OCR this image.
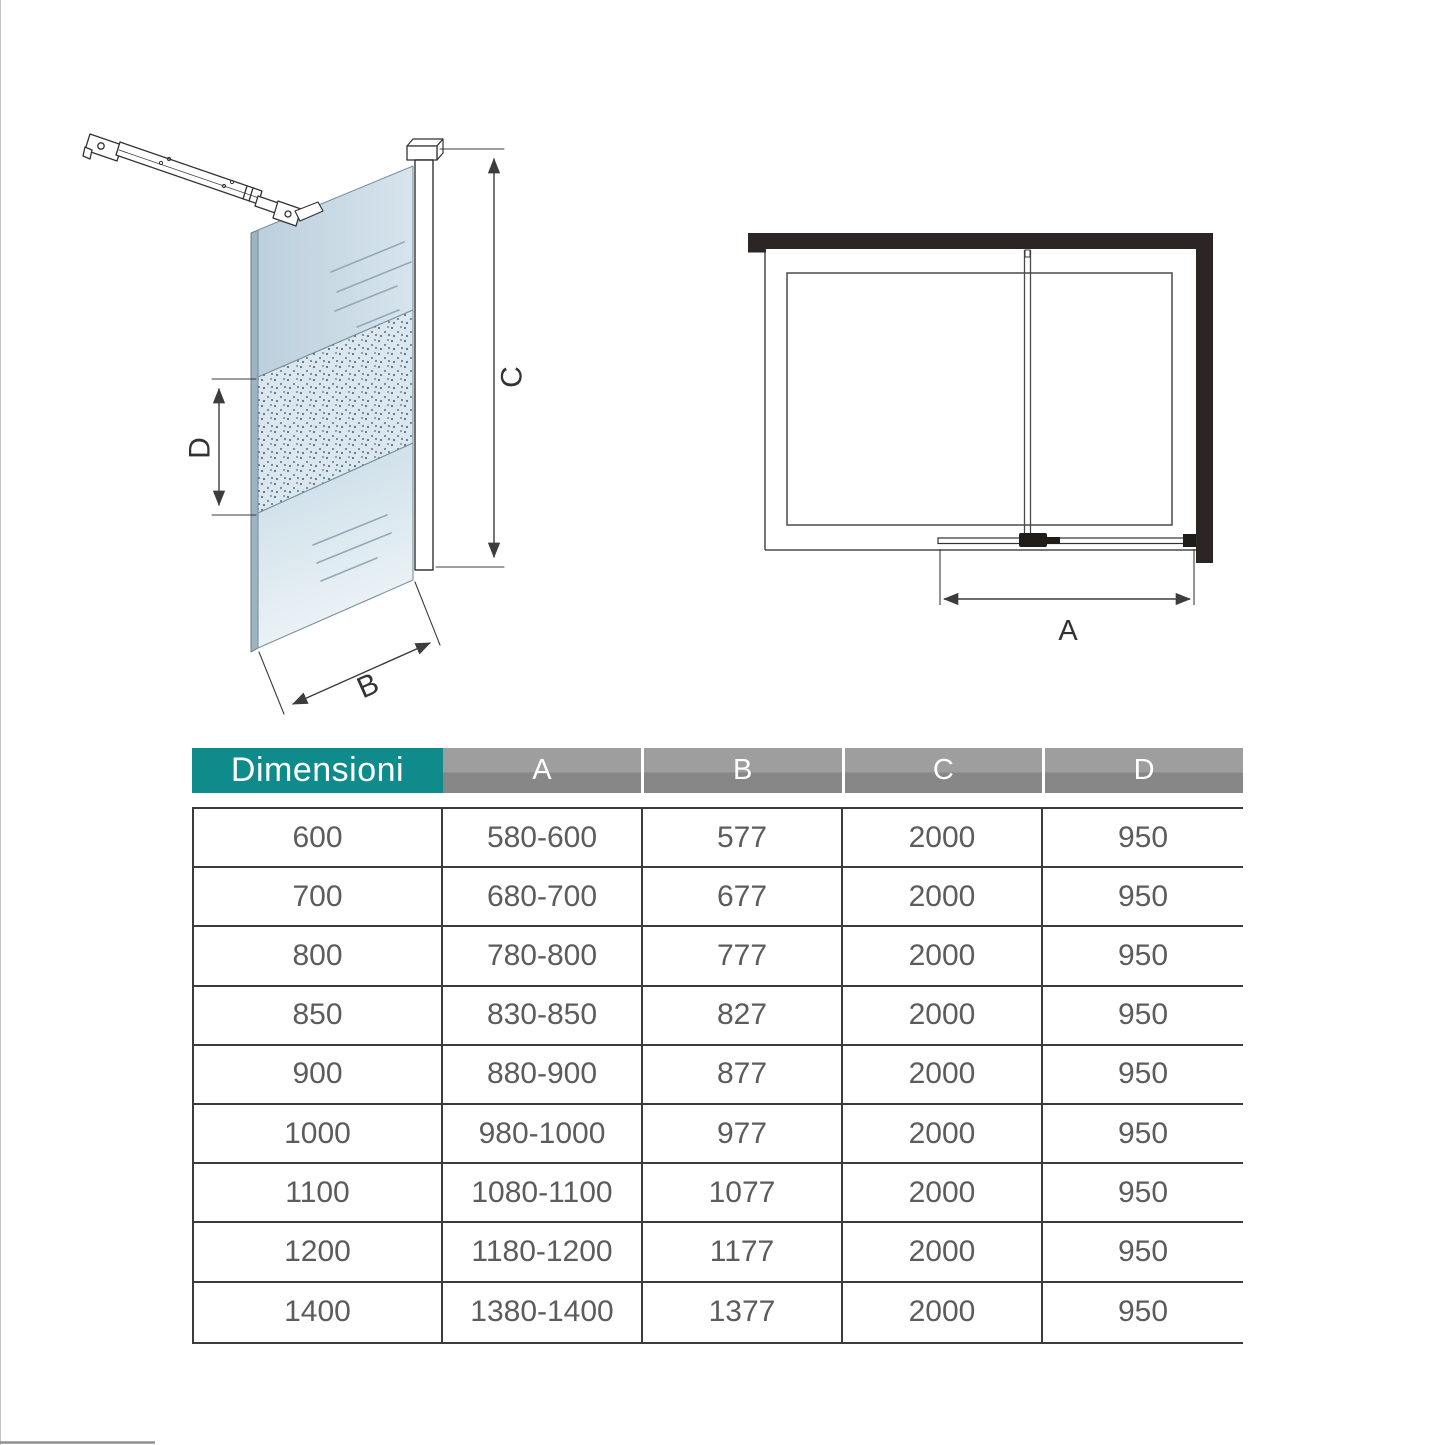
C
D
B
A
Dimensioni	A	B	C	D
600	580-600	577	2000	950
700	680-700	677	2000	950
800	780-800	777	2000	950
850	830-850	827	2000	950
900	880-900	877	2000	950
1000	980-1000	977	2000	950
1100	1080-1100	1077	2000	950
1200	1180-1200	1177	2000	950
1400	1380-1400	1377	2000	950
